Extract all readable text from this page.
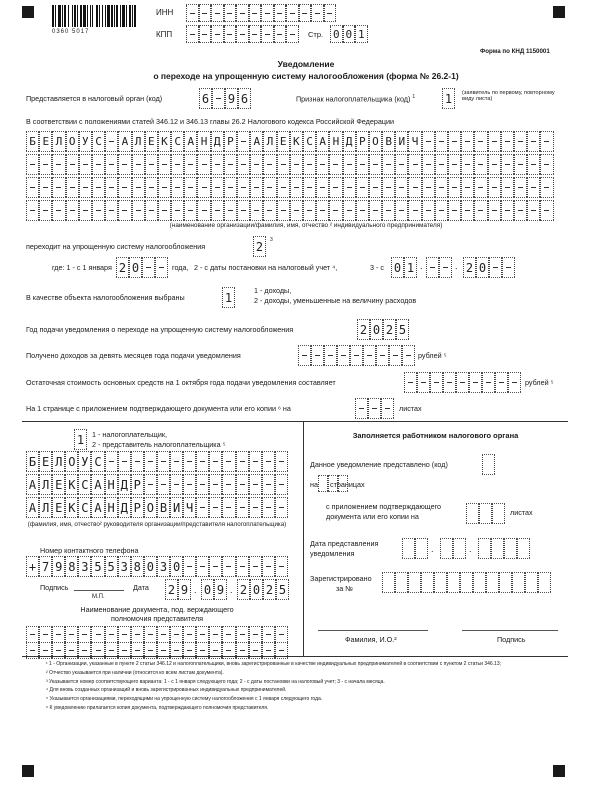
0360 5017
ИНН
КПП	Стр. 0 0 1
Форма по КНД 1150001
Уведомление
о переходе на упрощенную систему налогообложения (форма № 26.2-1)
Представляется в налоговый орган (код)	6 9 6	Признак налогоплательщика (код) $^1$ 1	(заявитель по первому, повторному виду листа)
В соответствии с положениями статей 346.12 и 346.13 главы 26.2 Налогового кодекса Российской Федерации
Б Е Л О У С А Л Е К С А Н Д Р А Л Е К С А Н Д Р О В И Ч
(наименование организации/фамилия, имя, отчество ² индивидуального предпринимателя)
переходит на упрощенную систему налогообложения	2	3
где: 1 - с 1 января 2 0	года, 2 - с даты постановки на налоговый учет ⁴,	3 - с 0 1 .	. 2 0
В качестве объекта налогообложения выбраны	1	1 - доходы,
2 - доходы, уменьшенные на величину расходов
Год подачи уведомления о переходе на упрощенную систему налогообложения	2 0 2 5
Получено доходов за девять месяцев года подачи уведомления	рублей ⁵
Остаточная стоимость основных средств на 1 октября года подачи уведомления составляет	рублей ⁵
На 1 странице с приложением подтверждающего документа или его копии ⁶ на	листах
1	1 - налогоплательщик,
2 - представитель налогоплательщика ⁵
Б Е Л О У С
А Л Е К С А Н Д Р
А Л Е К С А Н Д Р О В И Ч
(фамилия, имя, отчество² руководителя организации/представителя налогоплательщика)
Номер контактного телефона
+ 7 9 8 3 5 5 3 8 0 3 0
Подпись
М.П.
Дата 2 9 . 0 9 . 2 0 2 5
Наименование документа, под. верждающего
полномочия представителя
Заполняется работником налогового органа
Данное уведомление представлено (код)
на страницах
с приложением подтверждающего
документа или его копии на	листах
Дата представления
уведомления	.	.
Зарегистрировано
за №
Фамилия, И.О.²	Подпись
¹ 1 - Организации, указанные в пункте 2 статьи 346.12 и налогоплательщики, вновь зарегистрированные в качестве индивидуальных предпринимателей в соответствии с пунктом 2 статьи 346.13;
² Отчество указывается при наличии (относится ко всем листам документа).
³ Указывается номер соответствующего варианта: 1 - с 1 января следующего года; 2 - с даты постановки на налоговый учет; 3 - с начала месяца.
⁴ Для вновь созданных организаций и вновь зарегистрированных индивидуальных предпринимателей.
⁵ Указывается организациями, переходящими на упрощенную систему налогообложения с 1 января следующего года.
⁶ К уведомлению прилагается копия документа, подтверждающего полномочия представителя.
